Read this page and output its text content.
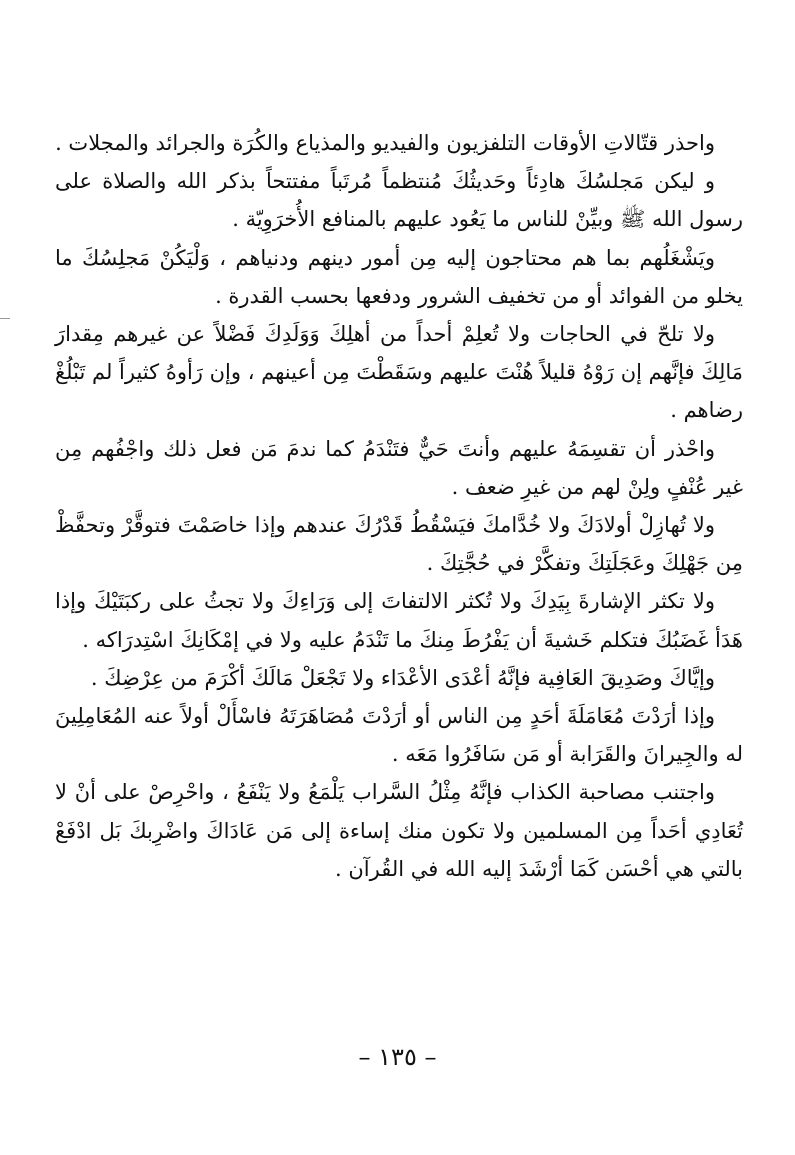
واحذر قتّالاتِ الأوقات التلفزيون والفيديو والمذياع والكُرَة والجرائد والمجلات .

و ليكن مَجلسُكَ هادِئاً وحَديثُكَ مُنتظماً مُرتَباً مفتتحاً بذكر الله والصلاة على رسول الله ﷺ وبيِّنْ للناس ما يَعُود عليهم بالمنافع الأُخرَوِيّة .

ويَشْغَلُهم بما هم محتاجون إليه مِن أمور دينهم ودنياهم ، وَلْيَكُنْ مَجلِسُكَ ما يخلو من الفوائد أو من تخفيف الشرور ودفعها بحسب القدرة .

ولا تلحّ في الحاجات ولا تُعلِمْ أحداً من أهلِكَ وَوَلَدِكَ فَضْلاً عن غيرهم مِقدارَ مَالِكَ فإنَّهم إن رَوْهُ قليلاً هُنْتَ عليهم وسَقَطْتَ مِن أعينهم ، وإن رَأوهُ كثيراً لم تَبْلُغْ رضاهم .

واحْذر أن تقسِمَهُ عليهم وأنتَ حَيٌّ فتَنْدَمُ كما ندمَ مَن فعل ذلك واجْفُهم مِن غير عُنْفٍ ولِنْ لهم من غيرِ ضعف .

ولا تُهازِلْ أولادَكَ ولا خُدَّامكَ فيَسْقُطُ قَدْرُكَ عندهم وإذا خاصَمْتَ فتوقَّرْ وتحفَّظْ مِن جَهْلِكَ وعَجَلَتِكَ وتفكَّرْ في حُجَّتِكَ .

ولا تكثر الإشارةَ بِيَدِكَ ولا تُكثر الالتفاتَ إلى وَرَاءِكَ ولا تجثُ على ركبَتَيْكَ وإذا هَدَأ غَضَبُكَ فتكلم خَشيةَ أن يَفْرُطَ مِنكَ ما تَنْدَمُ عليه ولا في إمْكَانِكَ اسْتِدرَاكه .

وإيَّاكَ وصَدِيقَ العَافِية فإنَّهُ أعْدَى الأعْدَاء ولا تَجْعَلْ مَالَكَ أكْرَمَ من عِرْضِكَ .

وإذا أرَدْتَ مُعَامَلَةَ أحَدٍ مِن الناس أو أرَدْتَ مُصَاهَرَتَهُ فاسْأَلْ أولاً عنه المُعَامِلِينَ له والجِيرانَ والقَرَابة أو مَن سَافَرُوا مَعَه .

واجتنب مصاحبة الكذاب فإنَّهُ مِثْلُ السَّراب يَلْمَعُ ولا يَنْفَعُ ، واحْرِصْ على أنْ لا تُعَادِي أحَداً مِن المسلمين ولا تكون منك إساءة إلى مَن عَادَاكَ واضْرِبكَ بَل ادْفَعْ بالتي هي أحْسَن كَمَا أرْشَدَ إليه الله في القُرآن .

– ١٣٥ –
